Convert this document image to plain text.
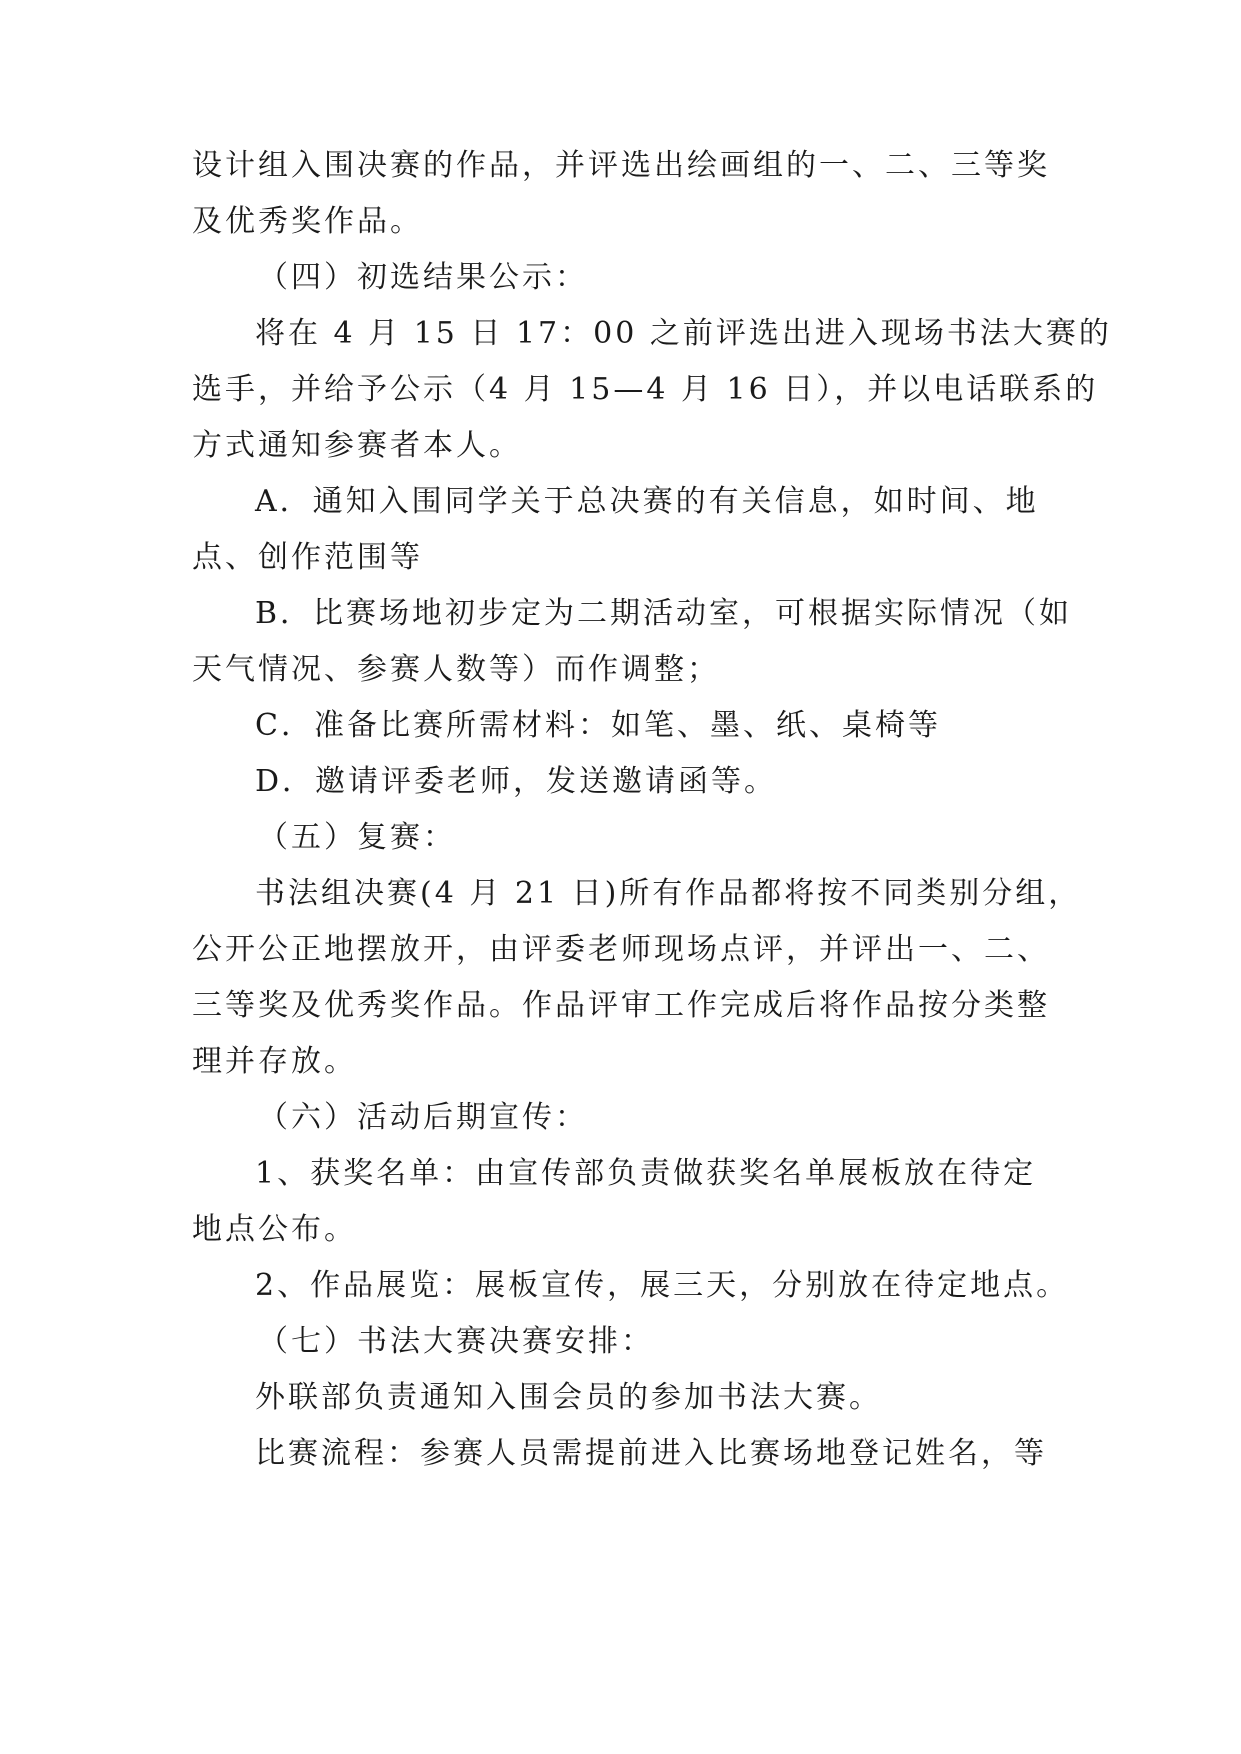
设计组入围决赛的作品，并评选出绘画组的一、二、三等奖
及优秀奖作品。
（四）初选结果公示：
将在 4 月 15 日 17：00 之前评选出进入现场书法大赛的
选手，并给予公示（4 月 15—4 月 16 日），并以电话联系的
方式通知参赛者本人。
A．通知入围同学关于总决赛的有关信息，如时间、地
点、创作范围等
B．比赛场地初步定为二期活动室，可根据实际情况（如
天气情况、参赛人数等）而作调整；
C．准备比赛所需材料：如笔、墨、纸、桌椅等
D．邀请评委老师，发送邀请函等。
（五）复赛：
书法组决赛(4 月 21 日)所有作品都将按不同类别分组，
公开公正地摆放开，由评委老师现场点评，并评出一、二、
三等奖及优秀奖作品。作品评审工作完成后将作品按分类整
理并存放。
（六）活动后期宣传：
1、获奖名单：由宣传部负责做获奖名单展板放在待定
地点公布。
2、作品展览：展板宣传，展三天，分别放在待定地点。
（七）书法大赛决赛安排：
外联部负责通知入围会员的参加书法大赛。
比赛流程：参赛人员需提前进入比赛场地登记姓名，等
